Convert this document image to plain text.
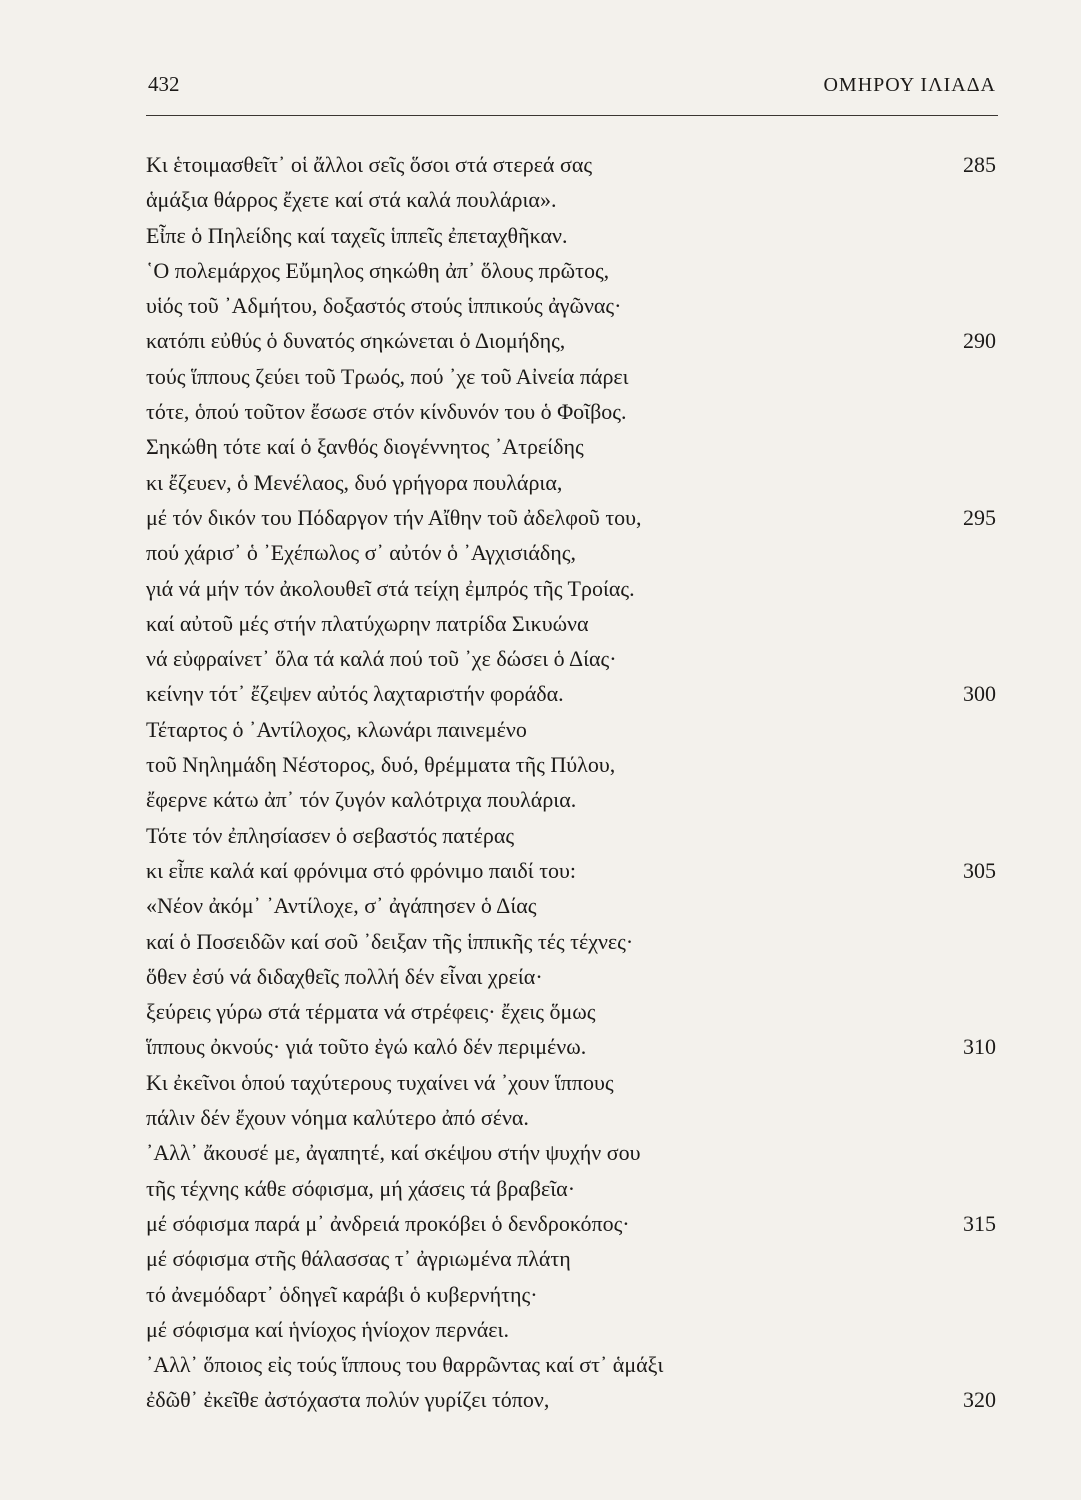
432	ΟΜΗΡΟΥ ΙΛΙΑΔΑ
Κι ἑτοιμασθεῖτ᾽ οἱ ἄλλοι σεῖς ὅσοι στά στερεά σας	285
ἁμάξια θάρρος ἔχετε καί στά καλά πουλάρια».
Εἶπε ὁ Πηλείδης καί ταχεῖς ἱππεῖς ἐπεταχθῆκαν.
῾Ο πολεμάρχος Εὔμηλος σηκώθη ἀπ᾽ ὅλους πρῶτος,
υἱός τοῦ ᾽Αδμήτου, δοξαστός στούς ἱππικούς ἀγῶνας·
κατόπι εὐθύς ὁ δυνατός σηκώνεται ὁ Διομήδης,	290
τούς ἵππους ζεύει τοῦ Τρωός, πού ᾽χε τοῦ Αἰνεία πάρει
τότε, ὁπού τοῦτον ἔσωσε στόν κίνδυνόν του ὁ Φοῖβος.
Σηκώθη τότε καί ὁ ξανθός διογέννητος ᾽Ατρείδης
κι ἔζευεν, ὁ Μενέλαος, δυό γρήγορα πουλάρια,
μέ τόν δικόν του Πόδαργον τήν Αἴθην τοῦ ἀδελφοῦ του,	295
πού χάρισ᾽ ὁ ᾽Εχέπωλος σ᾽ αὐτόν ὁ ᾽Αγχισιάδης,
γιά νά μήν τόν ἀκολουθεῖ στά τείχη ἐμπρός τῆς Τροίας.
καί αὐτοῦ μές στήν πλατύχωρην πατρίδα Σικυώνα
νά εὐφραίνετ᾽ ὅλα τά καλά πού τοῦ ᾽χε δώσει ὁ Δίας·
κείνην τότ᾽ ἔζεψεν αὐτός λαχταριστήν φοράδα.	300
Τέταρτος ὁ ᾽Αντίλοχος, κλωνάρι παινεμένο
τοῦ Νηλημάδη Νέστορος, δυό, θρέμματα τῆς Πύλου,
ἔφερνε κάτω ἀπ᾽ τόν ζυγόν καλότριχα πουλάρια.
Τότε τόν ἐπλησίασεν ὁ σεβαστός πατέρας
κι εἶπε καλά καί φρόνιμα στό φρόνιμο παιδί του:	305
«Νέον ἀκόμ᾽ ᾽Αντίλοχε, σ᾽ ἀγάπησεν ὁ Δίας
καί ὁ Ποσειδῶν καί σοῦ ᾽δειξαν τῆς ἱππικῆς τές τέχνες·
ὅθεν ἐσύ νά διδαχθεῖς πολλή δέν εἶναι χρεία·
ξεύρεις γύρω στά τέρματα νά στρέφεις· ἔχεις ὅμως
ἵππους ὀκνούς· γιά τοῦτο ἐγώ καλό δέν περιμένω.	310
Κι ἐκεῖνοι ὁπού ταχύτερους τυχαίνει νά ᾽χουν ἵππους
πάλιν δέν ἔχουν νόημα καλύτερο ἀπό σένα.
᾽Αλλ᾽ ἄκουσέ με, ἀγαπητέ, καί σκέψου στήν ψυχήν σου
τῆς τέχνης κάθε σόφισμα, μή χάσεις τά βραβεῖα·
μέ σόφισμα παρά μ᾽ ἀνδρειά προκόβει ὁ δενδροκόπος·	315
μέ σόφισμα στῆς θάλασσας τ᾽ ἀγριωμένα πλάτη
τό ἀνεμόδαρτ᾽ ὁδηγεῖ καράβι ὁ κυβερνήτης·
μέ σόφισμα καί ἡνίοχος ἡνίοχον περνάει.
᾽Αλλ᾽ ὅποιος εἰς τούς ἵππους του θαρρῶντας καί στ᾽ ἁμάξι
ἐδῶθ᾽ ἐκεῖθε ἀστόχαστα πολύν γυρίζει τόπον,	320
